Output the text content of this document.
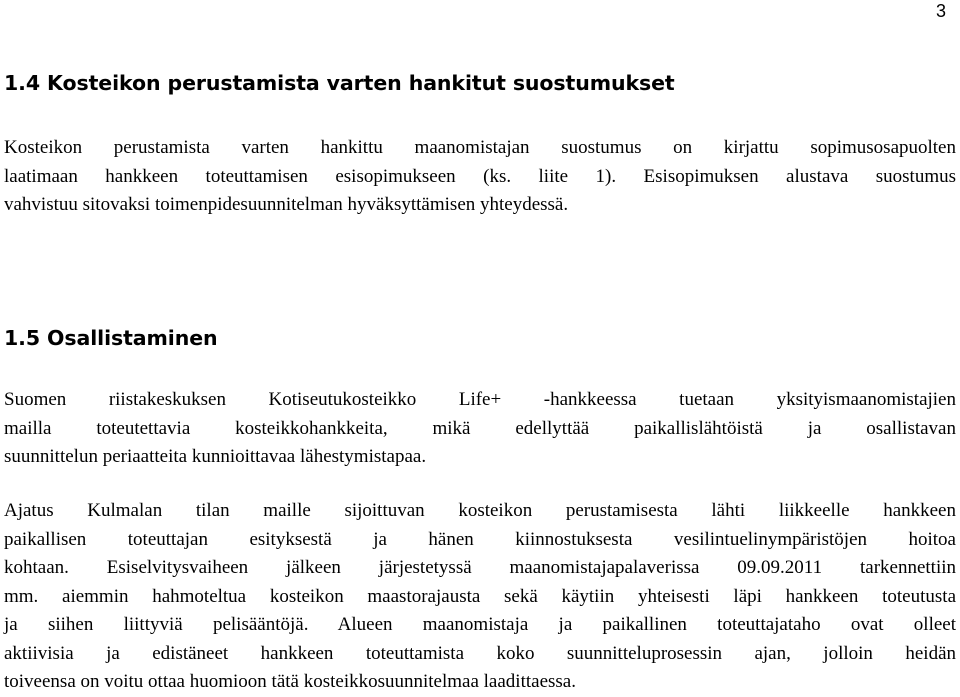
3
1.4 Kosteikon perustamista varten hankitut suostumukset
Kosteikon perustamista varten hankittu maanomistajan suostumus on kirjattu sopimusosapuolten
laatimaan hankkeen toteuttamisen esisopimukseen (ks. liite 1). Esisopimuksen alustava suostumus
vahvistuu sitovaksi toimenpidesuunnitelman hyväksyttämisen yhteydessä.
1.5 Osallistaminen
Suomen riistakeskuksen Kotiseutukosteikko Life+ -hankkeessa tuetaan yksityismaanomistajien
mailla toteutettavia kosteikkohankkeita, mikä edellyttää paikallislähtöistä ja osallistavan
suunnittelun periaatteita kunnioittavaa lähestymistapaa.
Ajatus Kulmalan tilan maille sijoittuvan kosteikon perustamisesta lähti liikkeelle hankkeen
paikallisen toteuttajan esityksestä ja hänen kiinnostuksesta vesilintuelinympäristöjen hoitoa
kohtaan. Esiselvitysvaiheen jälkeen järjestetyssä maanomistajapalaverissa 09.09.2011 tarkennettiin
mm. aiemmin hahmoteltua kosteikon maastorajausta sekä käytiin yhteisesti läpi hankkeen toteutusta
ja siihen liittyviä pelisääntöjä. Alueen maanomistaja ja paikallinen toteuttajataho ovat olleet
aktiivisia ja edistäneet hankkeen toteuttamista koko suunnitteluprosessin ajan, jolloin heidän
toiveensa on voitu ottaa huomioon tätä kosteikkosuunnitelmaa laadittaessa.
